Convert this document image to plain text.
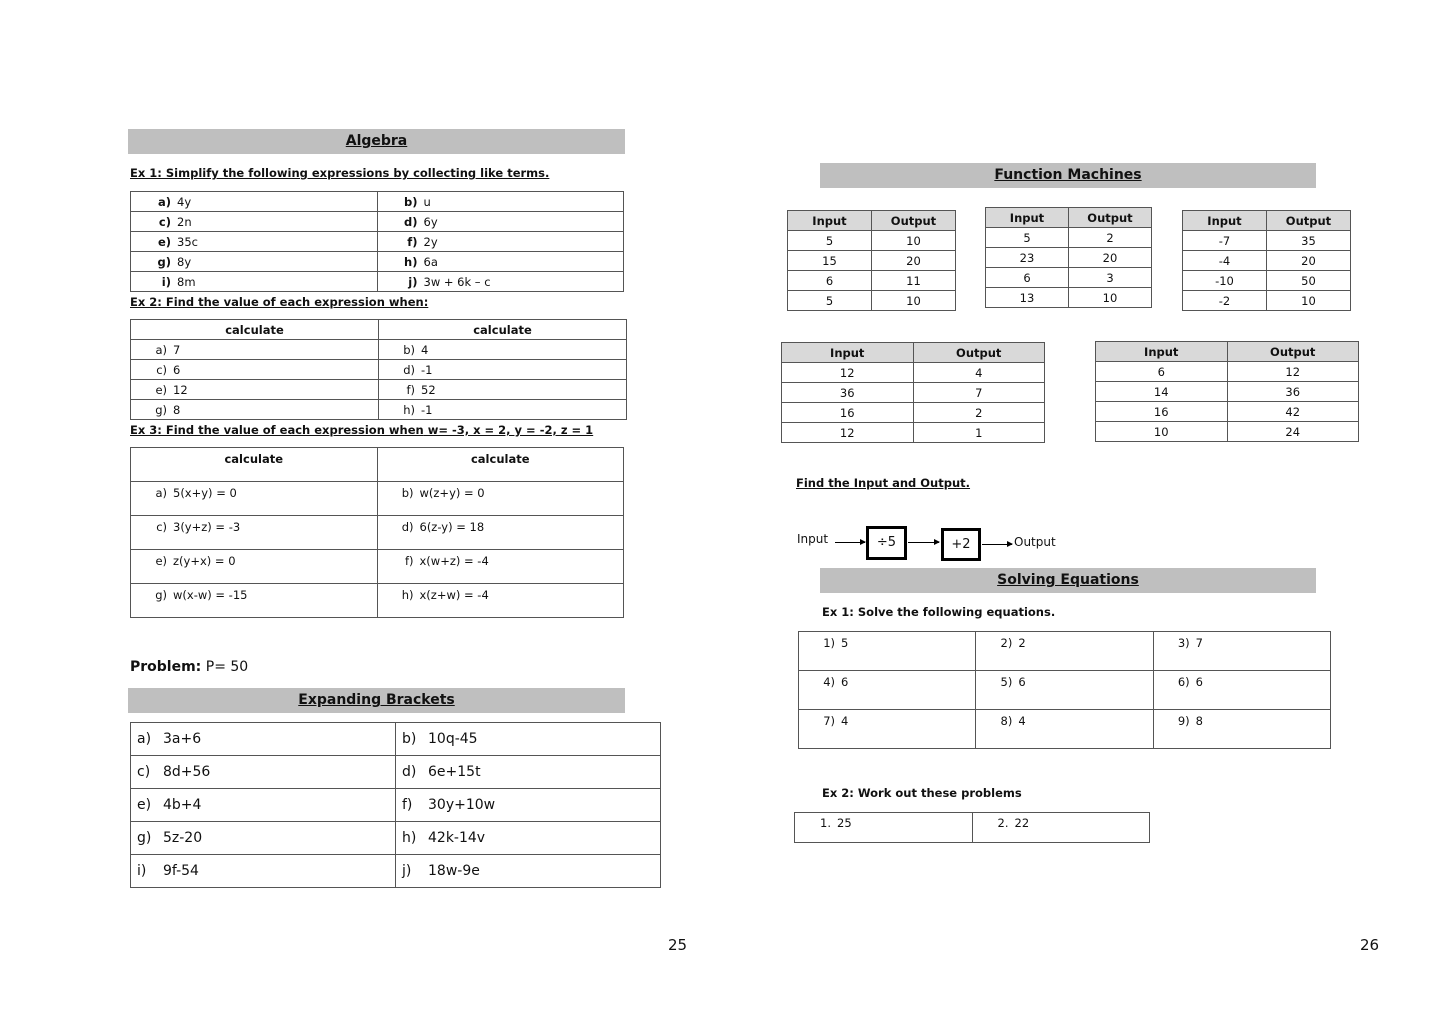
Algebra
Ex 1: Simplify the following expressions by collecting like terms.
a) 4y	b) u
c) 2n	d) 6y
e) 35c	f) 2y
g) 8y	h) 6a
i) 8m	j) 3w + 6k – c
Ex 2: Find the value of each expression when:
calculate	calculate
a) 7	b) 4
c) 6	d) -1
e) 12	f) 52
g) 8	h) -1
Ex 3: Find the value of each expression when w= -3, x = 2, y = -2, z = 1
calculate	calculate
a) 5(x+y) = 0	b) w(z+y) = 0
c) 3(y+z) = -3	d) 6(z-y) = 18
e) z(y+x) = 0	f) x(w+z) = -4
g) w(x-w) = -15	h) x(z+w) = -4
Problem: P= 50
Expanding Brackets
a) 3a+6	b) 10q-45
c) 8d+56	d) 6e+15t
e) 4b+4	f) 30y+10w
g) 5z-20	h) 42k-14v
i) 9f-54	j) 18w-9e
25
Function Machines
Input	Output
5	10
15	20
6	11
5	10
Input	Output
5	2
23	20
6	3
13	10
Input	Output
-7	35
-4	20
-10	50
-2	10
Input	Output
12	4
36	7
16	2
12	1
Input	Output
6	12
14	36
16	42
10	24
Find the Input and Output.
Input	÷5	+2	Output
Solving Equations
Ex 1: Solve the following equations.
1) 5	2) 2	3) 7
4) 6	5) 6	6) 6
7) 4	8) 4	9) 8
Ex 2: Work out these problems
1. 25	2. 22
26
